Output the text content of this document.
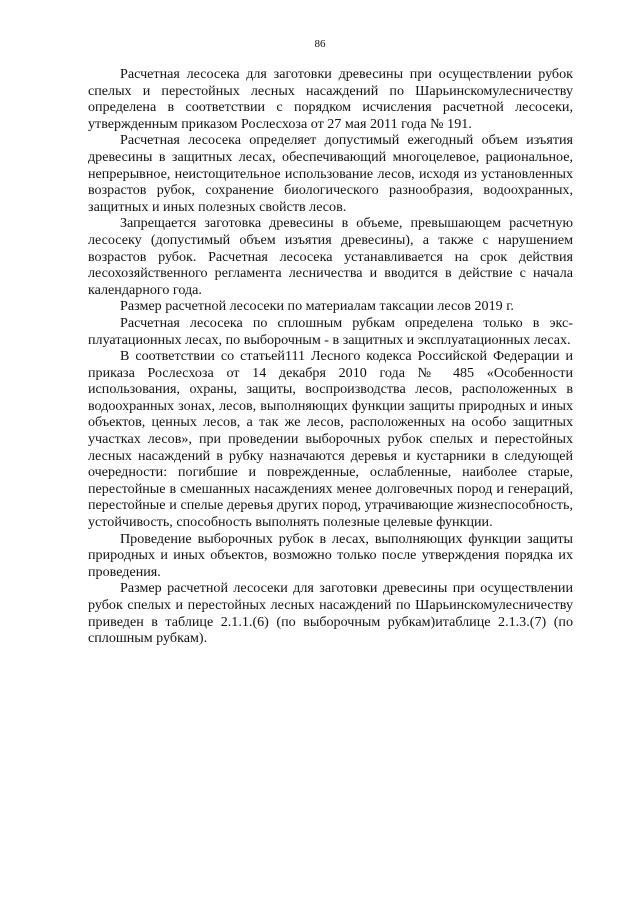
86

Расчетная лесосека для заготовки древесины при осуществлении рубок спелых и перестойных лесных насаждений по Шарьинскомулесничеству определена в соответствии с порядком исчисления расчетной лесосеки, утвержденным приказом Рослесхоза от 27 мая 2011 года № 191.

Расчетная лесосека определяет допустимый ежегодный объем изъятия древесины в защитных лесах, обеспечивающий многоцелевое, рациональное, непрерывное, неистощительное использование лесов, исходя из установленных возрастов рубок, сохранение биологического разнообразия, водоохранных, защитных и иных полезных свойств лесов.

Запрещается заготовка древесины в объеме, превышающем расчетную лесосеку (допустимый объем изъятия древесины), а также с нарушением возрастов рубок. Расчетная лесосека устанавливается на срок действия лесохозяйственного регламента лесничества и вводится в действие с начала календарного года.

Размер расчетной лесосеки по материалам таксации лесов 2019 г.

Расчетная лесосека по сплошным рубкам определена только в эксплуатационных лесах, по выборочным - в защитных и эксплуатационных лесах.

В соответствии со статьей111 Лесного кодекса Российской Федерации и приказа Рослесхоза от 14 декабря 2010 года № 485 «Особенности использования, охраны, защиты, воспроизводства лесов, расположенных в водоохранных зонах, лесов, выполняющих функции защиты природных и иных объектов, ценных лесов, а так же лесов, расположенных на особо защитных участках лесов», при проведении выборочных рубок спелых и перестойных лесных насаждений в рубку назначаются деревья и кустарники в следующей очередности: погибшие и поврежденные, ослабленные, наиболее старые, перестойные в смешанных насаждениях менее долговечных пород и генераций, перестойные и спелые деревья других пород, утрачивающие жизнеспособность, устойчивость, способность выполнять полезные целевые функции.

Проведение выборочных рубок в лесах, выполняющих функции защиты природных и иных объектов, возможно только после утверждения порядка их проведения.

Размер расчетной лесосеки для заготовки древесины при осуществлении рубок спелых и перестойных лесных насаждений по Шарьинскомулесничеству приведен в таблице 2.1.1.(6) (по выборочным рубкам)итаблице 2.1.3.(7) (по сплошным рубкам).
